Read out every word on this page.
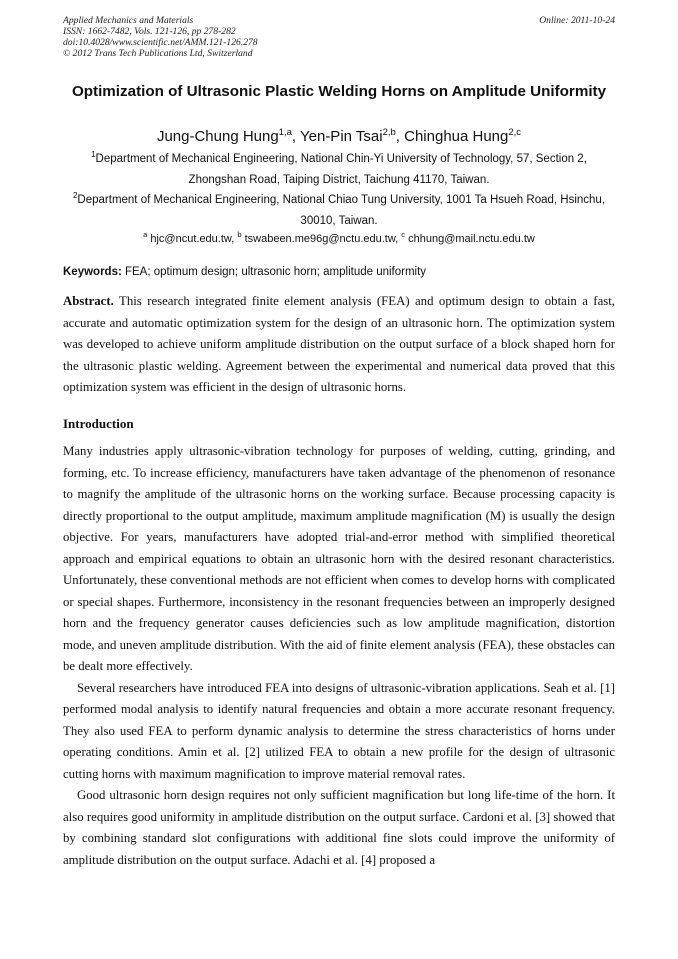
Applied Mechanics and Materials
ISSN: 1662-7482, Vols. 121-126, pp 278-282
doi:10.4028/www.scientific.net/AMM.121-126.278
© 2012 Trans Tech Publications Ltd, Switzerland
Online: 2011-10-24
Optimization of Ultrasonic Plastic Welding Horns on Amplitude Uniformity
Jung-Chung Hung$^{1,a}$, Yen-Pin Tsai$^{2,b}$, Chinghua Hung$^{2,c}$
$^1$Department of Mechanical Engineering, National Chin-Yi University of Technology, 57, Section 2, Zhongshan Road, Taiping District, Taichung 41170, Taiwan.
$^2$Department of Mechanical Engineering, National Chiao Tung University, 1001 Ta Hsueh Road, Hsinchu, 30010, Taiwan.
$^a$ hjc@ncut.edu.tw, $^b$ tswabeen.me96g@nctu.edu.tw, $^c$ chhung@mail.nctu.edu.tw
Keywords: FEA; optimum design; ultrasonic horn; amplitude uniformity
Abstract. This research integrated finite element analysis (FEA) and optimum design to obtain a fast, accurate and automatic optimization system for the design of an ultrasonic horn. The optimization system was developed to achieve uniform amplitude distribution on the output surface of a block shaped horn for the ultrasonic plastic welding. Agreement between the experimental and numerical data proved that this optimization system was efficient in the design of ultrasonic horns.
Introduction

Many industries apply ultrasonic-vibration technology for purposes of welding, cutting, grinding, and forming, etc. To increase efficiency, manufacturers have taken advantage of the phenomenon of resonance to magnify the amplitude of the ultrasonic horns on the working surface. Because processing capacity is directly proportional to the output amplitude, maximum amplitude magnification (M) is usually the design objective. For years, manufacturers have adopted trial-and-error method with simplified theoretical approach and empirical equations to obtain an ultrasonic horn with the desired resonant characteristics. Unfortunately, these conventional methods are not efficient when comes to develop horns with complicated or special shapes. Furthermore, inconsistency in the resonant frequencies between an improperly designed horn and the frequency generator causes deficiencies such as low amplitude magnification, distortion mode, and uneven amplitude distribution. With the aid of finite element analysis (FEA), these obstacles can be dealt more effectively.

Several researchers have introduced FEA into designs of ultrasonic-vibration applications. Seah et al. [1] performed modal analysis to identify natural frequencies and obtain a more accurate resonant frequency. They also used FEA to perform dynamic analysis to determine the stress characteristics of horns under operating conditions. Amin et al. [2] utilized FEA to obtain a new profile for the design of ultrasonic cutting horns with maximum magnification to improve material removal rates.

Good ultrasonic horn design requires not only sufficient magnification but long life-time of the horn. It also requires good uniformity in amplitude distribution on the output surface. Cardoni et al. [3] showed that by combining standard slot configurations with additional fine slots could improve the uniformity of amplitude distribution on the output surface. Adachi et al. [4] proposed a
